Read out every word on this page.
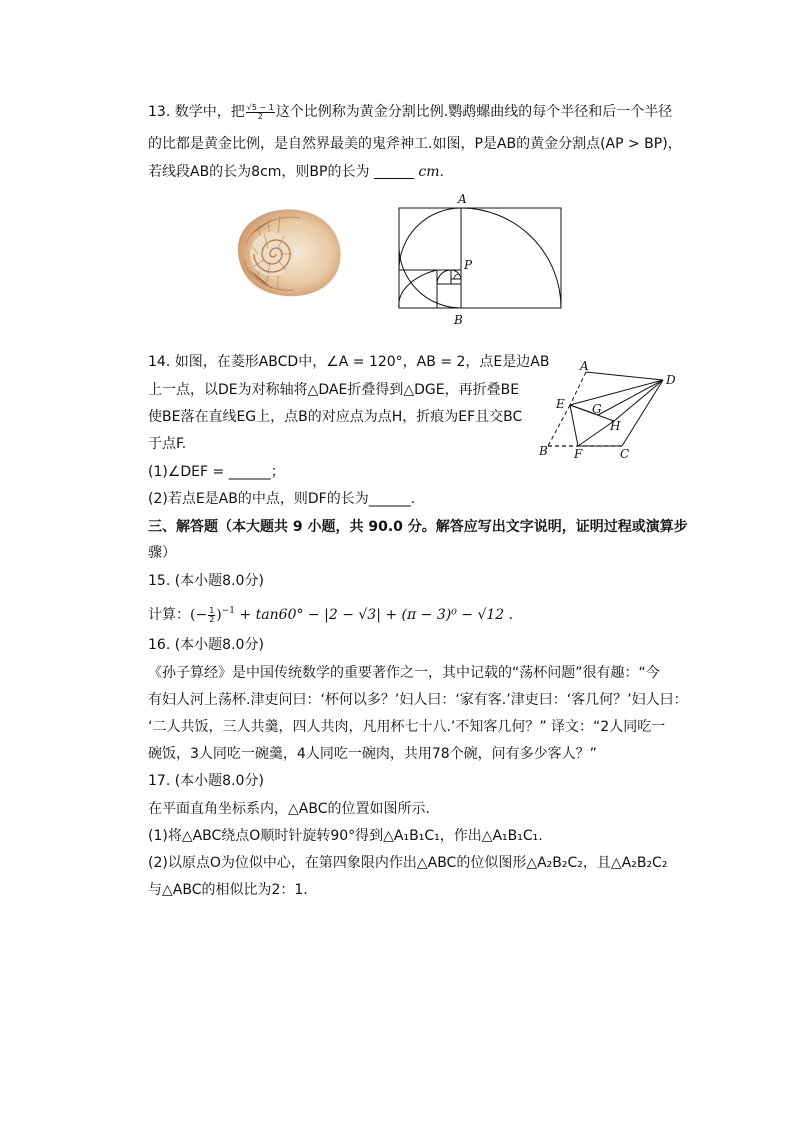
13. 数学中，把 $\frac{√5 - 1}{2}$ 这个比例称为黄金分割比例.鹦鹉螺曲线的每个半径和后一个半径
的比都是黄金比例，是自然界最美的鬼斧神工.如图，P是AB的黄金分割点(AP > BP)，
若线段AB的长为8cm，则BP的长为	cm.
A
P
B
14. 如图，在菱形ABCD中，∠A = 120°，AB = 2，点E是边AB
上一点，以DE为对称轴将△DAE折叠得到△DGE，再折叠BE
使BE落在直线EG上，点B的对应点为点H，折痕为EF且交BC
于点F.
(1)∠DEF = ______；
(2)若点E是AB的中点，则DF的长为______.
A
D
E G
H
B F	C
三、解答题（本大题共 9 小题，共 90.0 分。解答应写出文字说明，证明过程或演算步
骤）
15. (本小题8.0分)
计算：(− $\frac{1}{2} )^{-1} + \tan 60^\circ - |2 - √3| + (\pi - 3)^0 - √12$ .
16. (本小题8.0分)
《孙子算经》是中国传统数学的重要著作之一，其中记载的“荡杯问题”很有趣：“今
有妇人河上荡杯.津吏问曰：‘杯何以多？’妇人曰：‘家有客.’津吏曰：‘客几何？’妇人曰：
‘二人共饭，三人共羹，四人共肉，凡用杯七十八.’不知客几何？” 译文：“2人同吃一
碗饭，3人同吃一碗羹，4人同吃一碗肉，共用78个碗，问有多少客人？”
17. (本小题8.0分)
在平面直角坐标系内，△ABC的位置如图所示.
(1)将△ABC绕点O顺时针旋转90°得到△A₁B₁C₁，作出△A₁B₁C₁.
(2)以原点O为位似中心，在第四象限内作出△ABC的位似图形△A₂B₂C₂，且△A₂B₂C₂
与△ABC的相似比为2：1.
